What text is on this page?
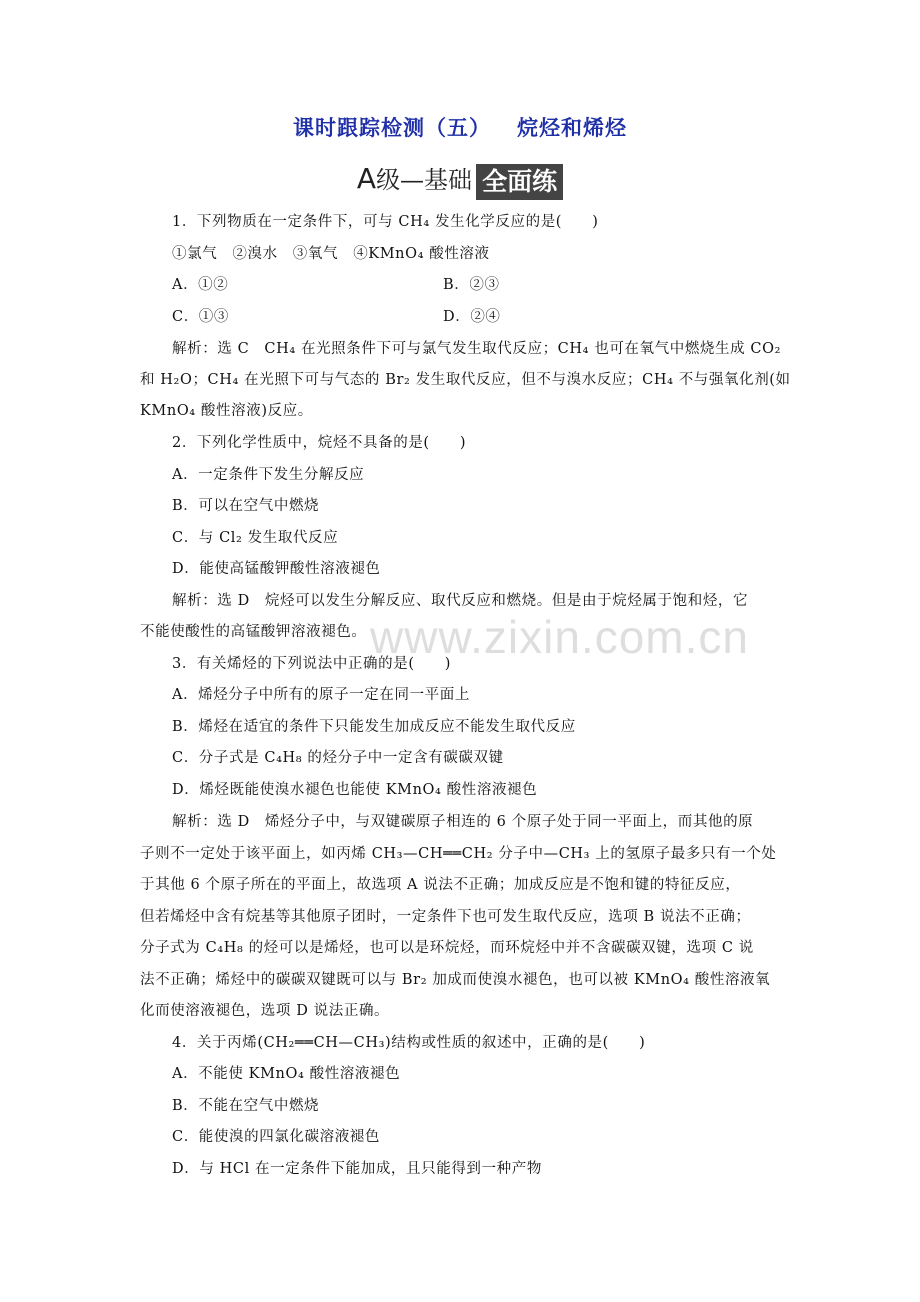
课时跟踪检测（五） 烷烃和烯烃
A级—基础 全面练
www.zixin.com.cn
1．下列物质在一定条件下，可与 CH₄ 发生化学反应的是(　　)
①氯气　②溴水　③氧气　④KMnO₄ 酸性溶液
A．①②	B．②③
C．①③	D．②④
解析：选 C　CH₄ 在光照条件下可与氯气发生取代反应；CH₄ 也可在氧气中燃烧生成 CO₂
和 H₂O；CH₄ 在光照下可与气态的 Br₂ 发生取代反应，但不与溴水反应；CH₄ 不与强氧化剂(如
KMnO₄ 酸性溶液)反应。
2．下列化学性质中，烷烃不具备的是(　　)
A．一定条件下发生分解反应
B．可以在空气中燃烧
C．与 Cl₂ 发生取代反应
D．能使高锰酸钾酸性溶液褪色
解析：选 D　烷烃可以发生分解反应、取代反应和燃烧。但是由于烷烃属于饱和烃，它
不能使酸性的高锰酸钾溶液褪色。
3．有关烯烃的下列说法中正确的是(　　)
A．烯烃分子中所有的原子一定在同一平面上
B．烯烃在适宜的条件下只能发生加成反应不能发生取代反应
C．分子式是 C₄H₈ 的烃分子中一定含有碳碳双键
D．烯烃既能使溴水褪色也能使 KMnO₄ 酸性溶液褪色
解析：选 D　烯烃分子中，与双键碳原子相连的 6 个原子处于同一平面上，而其他的原
子则不一定处于该平面上，如丙烯 CH₃—CH══CH₂ 分子中—CH₃ 上的氢原子最多只有一个处
于其他 6 个原子所在的平面上，故选项 A 说法不正确；加成反应是不饱和键的特征反应，
但若烯烃中含有烷基等其他原子团时，一定条件下也可发生取代反应，选项 B 说法不正确；
分子式为 C₄H₈ 的烃可以是烯烃，也可以是环烷烃，而环烷烃中并不含碳碳双键，选项 C 说
法不正确；烯烃中的碳碳双键既可以与 Br₂ 加成而使溴水褪色，也可以被 KMnO₄ 酸性溶液氧
化而使溶液褪色，选项 D 说法正确。
4．关于丙烯(CH₂══CH—CH₃)结构或性质的叙述中，正确的是(　　)
A．不能使 KMnO₄ 酸性溶液褪色
B．不能在空气中燃烧
C．能使溴的四氯化碳溶液褪色
D．与 HCl 在一定条件下能加成，且只能得到一种产物
